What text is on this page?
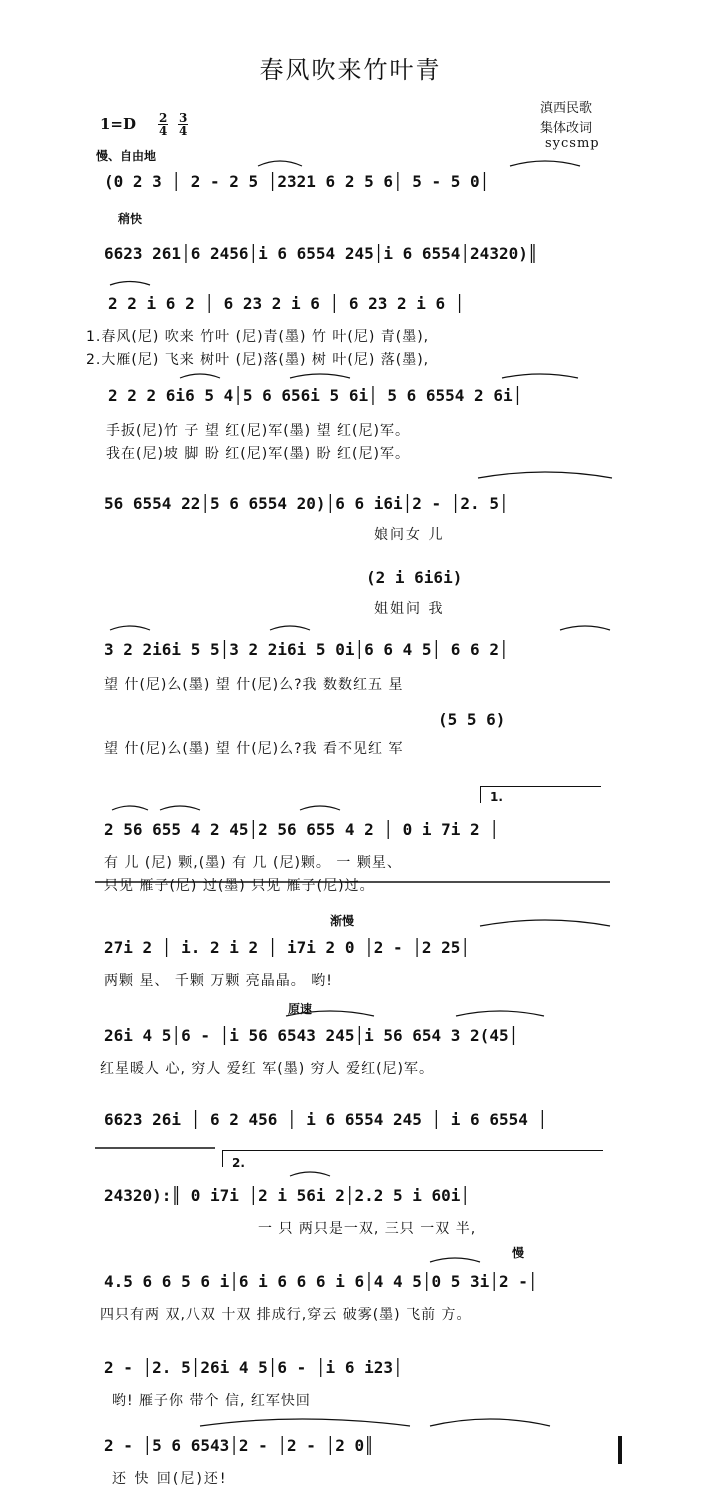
春风吹来竹叶青
滇西民歌
集体改词
sycsmp
$1=D \frac{2}{4} \frac{3}{4}$
慢、自由地
稍快
渐慢
原速
慢
1.
2.
(0 2 3 │ 2 - 2 5 │2321 6 2 5 6│ 5 - 5 0│
6623 261│6 2456│i 6 6554 245│i 6 6554│24320)║
2 2 i 6 2 │ 6 23 2 i 6 │ 6 23 2 i 6 │
1.春风(尼) 吹来 竹叶 (尼)青(墨) 竹 叶(尼) 青(墨),
2.大雁(尼) 飞来 树叶 (尼)落(墨) 树 叶(尼) 落(墨),
2 2 2 6i6 5 4│5 6 656i 5 6i│ 5 6 6554 2 6i│
手扳(尼)竹 子 望 红(尼)军(墨) 望 红(尼)军。
我在(尼)坡 脚 盼 红(尼)军(墨) 盼 红(尼)军。
56 6554 22│5 6 6554 20)│6 6 i6i│2 - │2. 5│
娘问女 儿
(2 i 6i6i)
姐姐问 我
3 2 2i6i 5 5│3 2 2i6i 5 0i│6 6 4 5│ 6 6 2│
望 什(尼)么(墨) 望 什(尼)么?我 数数红五 星
(5 5 6)
望 什(尼)么(墨) 望 什(尼)么?我 看不见红 军
2 56 655 4 2 45│2 56 655 4 2 │ 0 i 7i 2 │
有 儿 (尼) 颗,(墨) 有 几 (尼)颗。 一 颗星、
只见 雁子(尼) 过(墨) 只见 雁子(尼)过。
27i 2 │ i. 2 i 2 │ i7i 2 0 │2 - │2 25│
两颗 星、 千颗 万颗 亮晶晶。 哟!
26i 4 5│6 - │i 56 6543 245│i 56 654 3 2(45│
红星暖人 心, 穷人 爱红 军(墨) 穷人 爱红(尼)军。
6623 26i │ 6 2 456 │ i 6 6554 245 │ i 6 6554 │
24320):║ 0 i7i │2 i 56i 2│2.2 5 i 60i│
一 只 两只是一双, 三只 一双 半,
4.5 6 6 5 6 i│6 i 6 6 6 i 6│4 4 5│0 5 3i│2 -│
四只有两 双,八双 十双 排成行,穿云 破雾(墨) 飞前 方。
2 - │2. 5│26i 4 5│6 - │i 6 i23│
哟! 雁子你 带个 信, 红军快回
2 - │5 6 6543│2 - │2 - │2 0║
还 快 回(尼)还!
